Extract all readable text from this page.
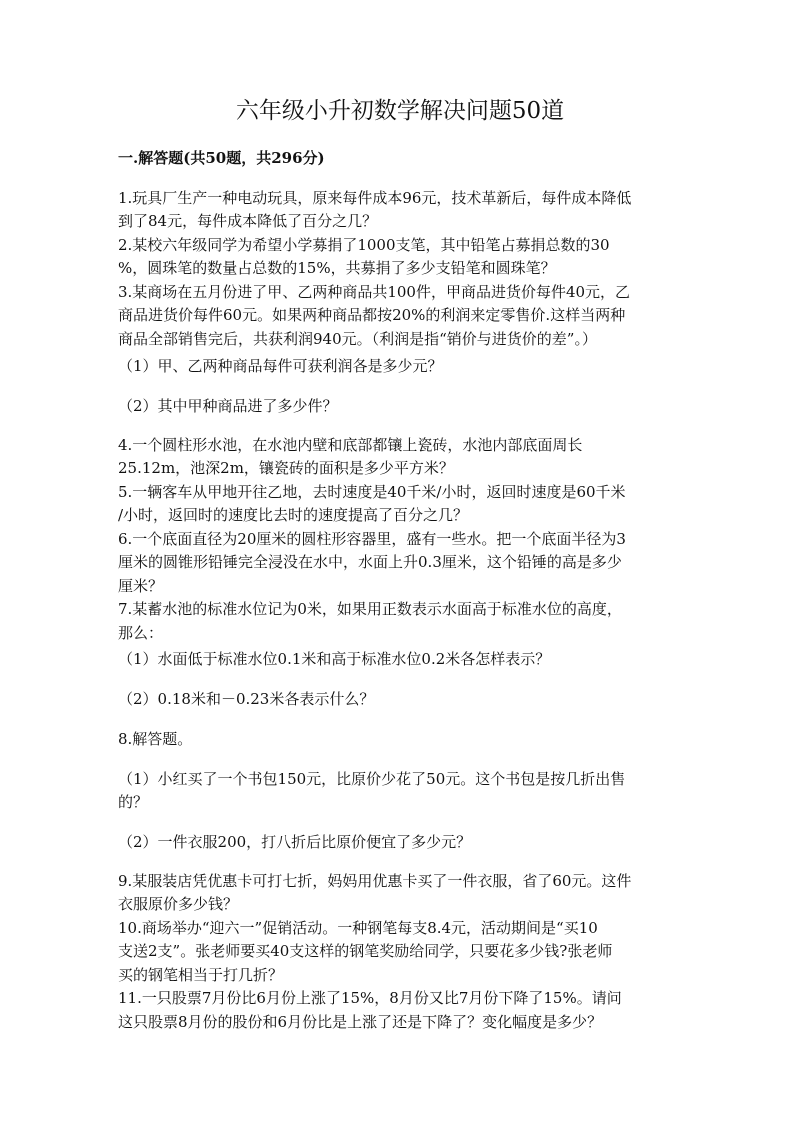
六年级小升初数学解决问题50道
一.解答题(共50题，共296分)
1.玩具厂生产一种电动玩具，原来每件成本96元，技术革新后，每件成本降低
到了84元，每件成本降低了百分之几？
2.某校六年级同学为希望小学募捐了1000支笔，其中铅笔占募捐总数的30
%，圆珠笔的数量占总数的15%，共募捐了多少支铅笔和圆珠笔？
3.某商场在五月份进了甲、乙两种商品共100件，甲商品进货价每件40元，乙
商品进货价每件60元。如果两种商品都按20%的利润来定零售价.这样当两种
商品全部销售完后，共获利润940元。（利润是指“销价与进货价的差”。）
（1）甲、乙两种商品每件可获利润各是多少元？
（2）其中甲种商品进了多少件？
4.一个圆柱形水池，在水池内壁和底部都镶上瓷砖，水池内部底面周长
25.12m，池深2m，镶瓷砖的面积是多少平方米？
5.一辆客车从甲地开往乙地，去时速度是40千米/小时，返回时速度是60千米
/小时，返回时的速度比去时的速度提高了百分之几？
6.一个底面直径为20厘米的圆柱形容器里，盛有一些水。把一个底面半径为3
厘米的圆锥形铅锤完全浸没在水中，水面上升0.3厘米，这个铅锤的高是多少
厘米？
7.某蓄水池的标准水位记为0米，如果用正数表示水面高于标准水位的高度，
那么：
（1）水面低于标准水位0.1米和高于标准水位0.2米各怎样表示？
（2）0.18米和－0.23米各表示什么？
8.解答题。
（1）小红买了一个书包150元，比原价少花了50元。这个书包是按几折出售
的？
（2）一件衣服200，打八折后比原价便宜了多少元？
9.某服装店凭优惠卡可打七折，妈妈用优惠卡买了一件衣服，省了60元。这件
衣服原价多少钱？
10.商场举办“迎六一”促销活动。一种钢笔每支8.4元，活动期间是“买10
支送2支”。张老师要买40支这样的钢笔奖励给同学，只要花多少钱?张老师
买的钢笔相当于打几折？
11.一只股票7月份比6月份上涨了15%，8月份又比7月份下降了15%。请问
这只股票8月份的股份和6月份比是上涨了还是下降了？变化幅度是多少？
